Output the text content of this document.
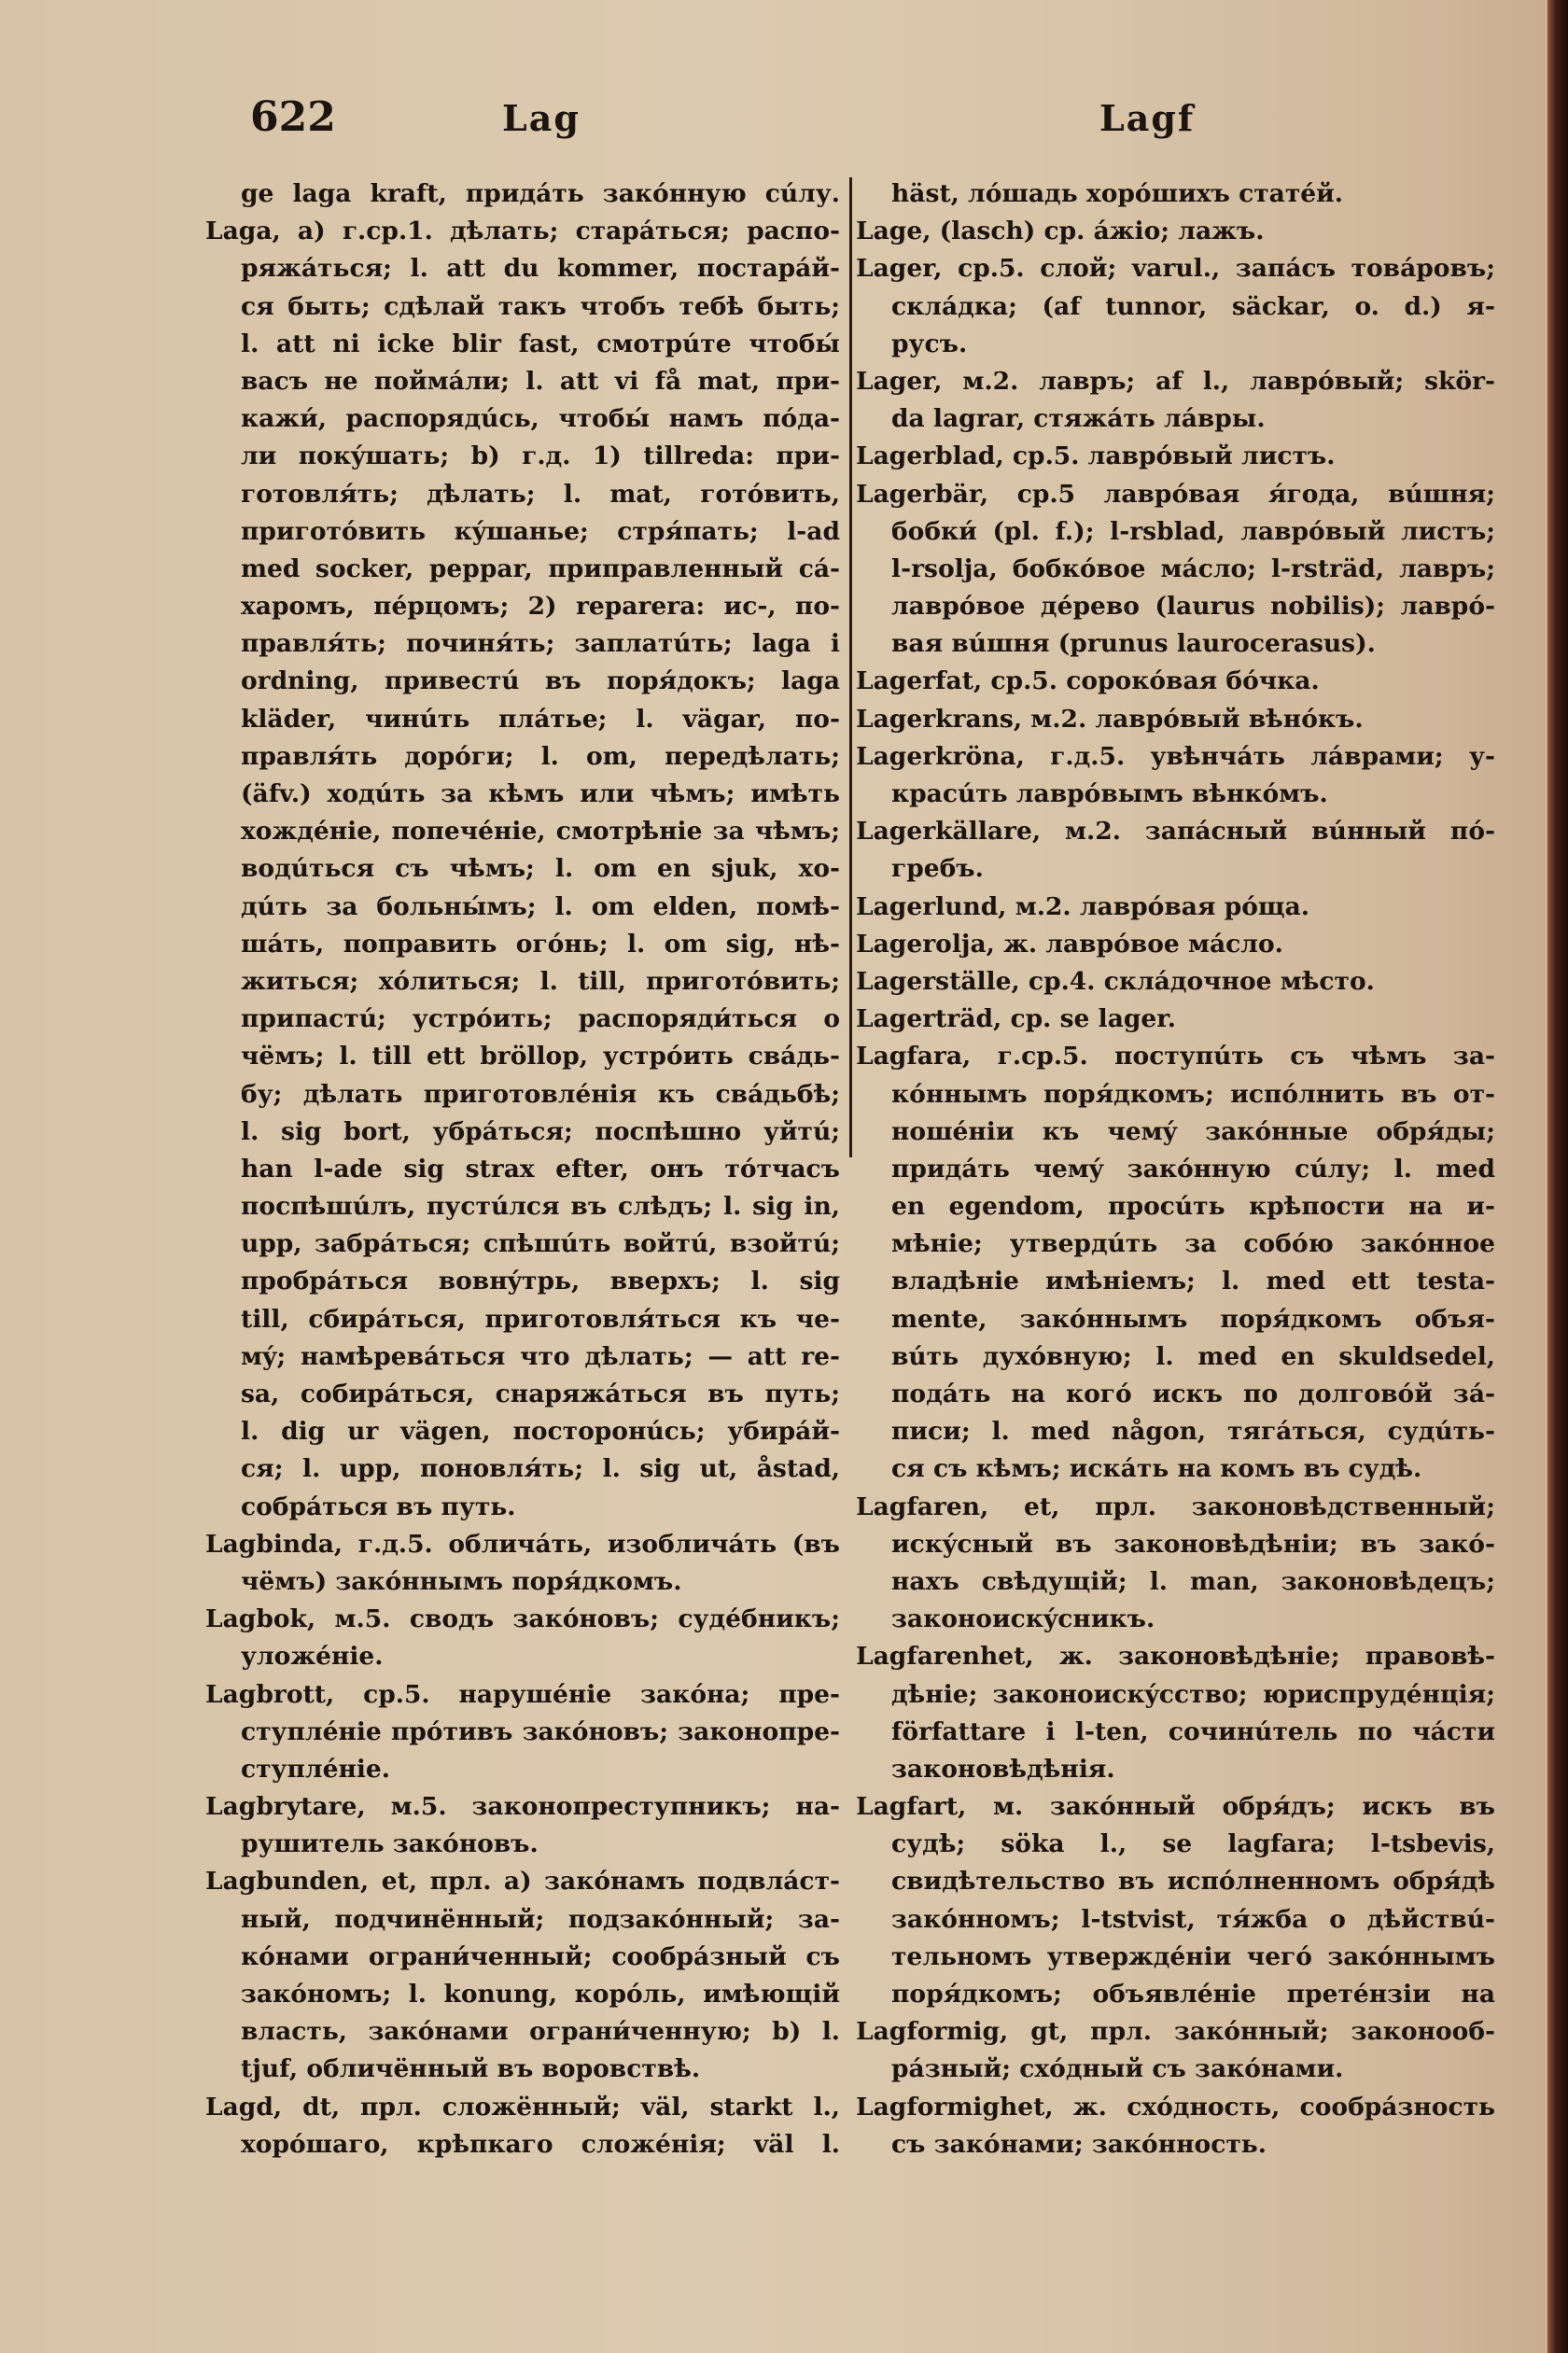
622	Lag	Lagf
ge laga kraft, придáть закóнную сúлу.
Laga, a) г.ср.1. дѣлать; старáться; распо-
ряжáться; l. att du kommer, постарáй-
ся быть; сдѣлай такъ чтобъ тебѣ быть;
l. att ni icke blir fast, смотрúте чтобы́
васъ не поймáли; l. att vi få mat, при-
кажи́, распорядúсь, чтобы́ намъ пóда-
ли покýшать; b) г.д. 1) tillreda: при-
готовля́ть; дѣлать; l. mat, готóвить,
приготóвить кýшанье; стря́пать; l-ad
med socker, peppar, приправленный сá-
харомъ, пéрцомъ; 2) reparera: ис-, по-
правля́ть; починя́ть; заплатúть; laga i
ordning, привестú въ поря́докъ; laga
kläder, чинúть плáтье; l. vägar, по-
правля́ть дорóги; l. om, передѣлать;
(äfv.) ходúть за кѣмъ или чѣмъ; имѣть
хождéніе, попечéніе, смотрѣніе за чѣмъ;
водúться съ чѣмъ; l. om en sjuk, хо-
дúть за больны́мъ; l. om elden, помѣ-
шáть, поправить огóнь; l. om sig, нѣ-
житься; хóлиться; l. till, приготóвить;
припастú; устрóить; распоряди́ться о
чёмъ; l. till ett bröllop, устрóить свáдь-
бу; дѣлать приготовлéнія къ свáдьбѣ;
l. sig bort, убрáться; поспѣшно уйтú;
han l-ade sig strax efter, онъ тóтчасъ
поспѣшúлъ, пустúлся въ слѣдъ; l. sig in,
upp, забрáться; спѣшúть войтú, взойтú;
пробрáться вовнýтрь, вверхъ; l. sig
till, сбирáться, приготовля́ться къ че-
мý; намѣревáться что дѣлать; — att re-
sa, собирáться, снаряжáться въ путь;
l. dig ur vägen, посторонúсь; убирáй-
ся; l. upp, поновля́ть; l. sig ut, åstad,
собрáться въ путь.
Lagbinda, г.д.5. обличáть, изобличáть (въ
чёмъ) закóннымъ поря́дкомъ.
Lagbok, м.5. сводъ закóновъ; судéбникъ;
уложéніе.
Lagbrott, ср.5. нарушéніе закóна; пре-
ступлéніе прóтивъ закóновъ; законопре-
ступлéніе.
Lagbrytare, м.5. законопреступникъ; на-
рушитель закóновъ.
Lagbunden, et, прл. a) закóнамъ подвлáст-
ный, подчинённый; подзакóнный; за-
кóнами ограни́ченный; сообрáзный съ
закóномъ; l. konung, корóль, имѣющій
власть, закóнами ограни́ченную; b) l.
tjuf, обличённый въ воровствѣ.
Lagd, dt, прл. сложённый; väl, starkt l.,
хорóшаго, крѣпкаго сложéнія; väl l.
häst, лóшадь хорóшихъ статéй.
Lage, (lasch) ср. áжіо; лажъ.
Lager, ср.5. слой; varul., запáсъ товáровъ;
склáдка; (af tunnor, säckar, o. d.) я-
русъ.
Lager, м.2. лавръ; af l., лаврóвый; skör-
da lagrar, стяжáть лáвры.
Lagerblad, ср.5. лаврóвый листъ.
Lagerbär, ср.5 лаврóвая я́года, вúшня;
бобки́ (pl. f.); l-rsblad, лаврóвый листъ;
l-rsolja, бобкóвое мáсло; l-rsträd, лавръ;
лаврóвое дéрево (laurus nobilis); лавро́-
вая вúшня (prunus laurocerasus).
Lagerfat, ср.5. сорокóвая бóчка.
Lagerkrans, м.2. лаврóвый вѣнóкъ.
Lagerkröna, г.д.5. увѣнчáть лáврами; у-
красúть лаврóвымъ вѣнкóмъ.
Lagerkällare, м.2. запáсный вúнный пó-
гребъ.
Lagerlund, м.2. лаврóвая рóща.
Lagerolja, ж. лаврóвое мáсло.
Lagerställe, ср.4. склáдочное мѣсто.
Lagerträd, ср. se lager.
Lagfara, г.ср.5. поступúть съ чѣмъ за-
кóннымъ поря́дкомъ; испóлнить въ от-
ношéніи къ чемý закóнные обря́ды;
придáть чемý закóнную сúлу; l. med
en egendom, просúть крѣпости на и-
мѣніе; утвердúть за собóю закóнное
владѣніе имѣніемъ; l. med ett testa-
mente, закóннымъ поря́дкомъ объя-
вúть духóвную; l. med en skuldsedel,
подáть на когó искъ по долговóй зá-
писи; l. med någon, тягáться, судúть-
ся съ кѣмъ; искáть на комъ въ судѣ.
Lagfaren, et, прл. законовѣдственный;
искýсный въ законовѣдѣніи; въ закó-
нахъ свѣдущій; l. man, законовѣдецъ;
законоискýсникъ.
Lagfarenhet, ж. законовѣдѣніе; правовѣ-
дѣніе; законоискýсство; юриспрудéнція;
författare i l-ten, сочинúтель по чáсти
законовѣдѣнія.
Lagfart, м. закóнный обря́дъ; искъ въ
судѣ; söka l., se lagfara; l-tsbevis,
свидѣтельство въ испóлненномъ обря́дѣ
закóнномъ; l-tstvist, тя́жба о дѣйствú-
тельномъ утверждéніи чегó закóннымъ
поря́дкомъ; объявлéніе претéнзіи на
Lagformig, gt, прл. закóнный; законооб-
рáзный; схóдный съ закóнами.
Lagformighet, ж. схóдность, сообрáзность
съ закóнами; закóнность.
